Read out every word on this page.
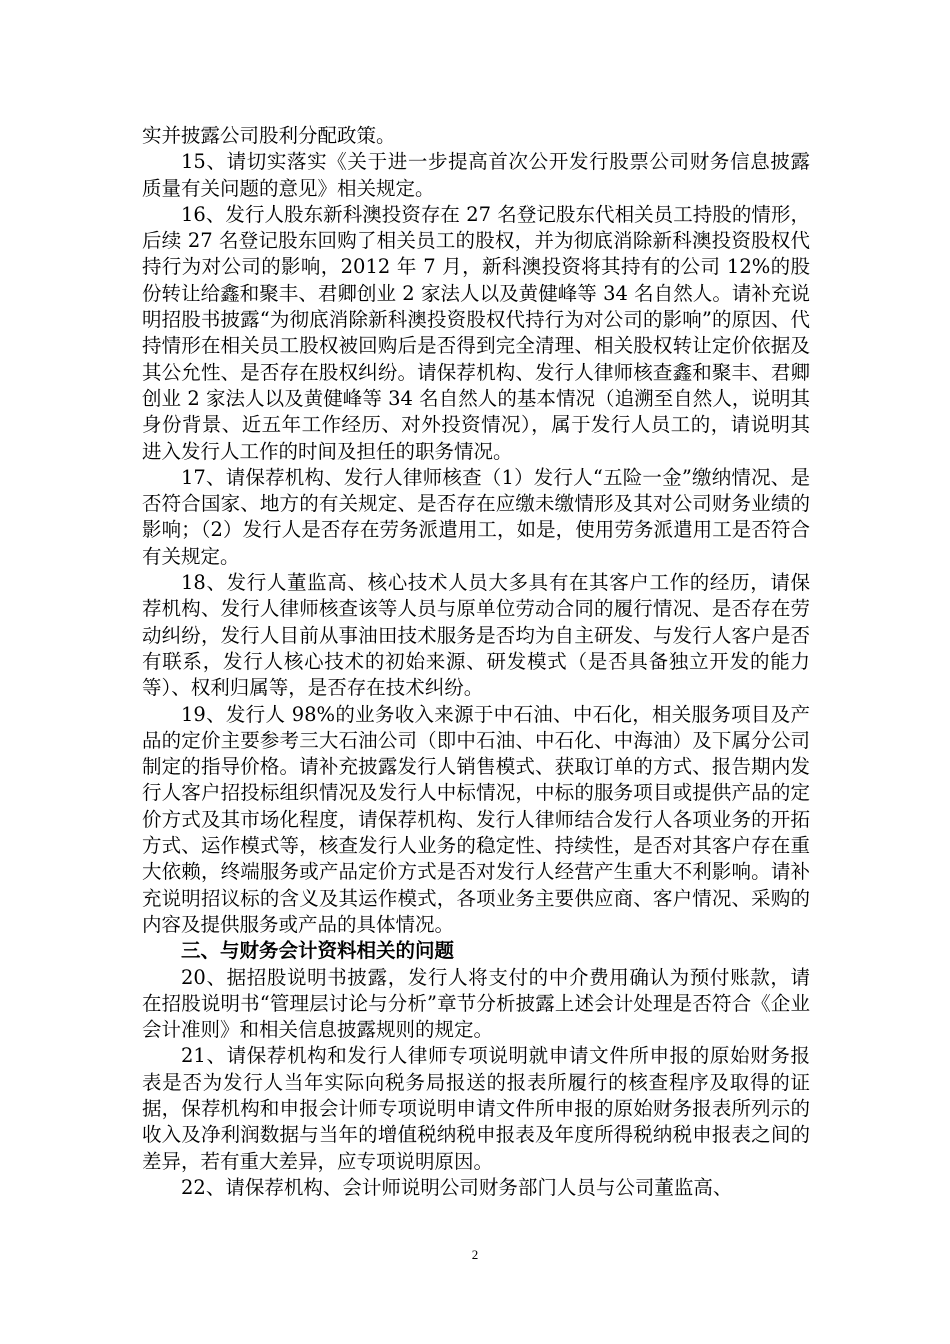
实并披露公司股利分配政策。

15、请切实落实《关于进一步提高首次公开发行股票公司财务信息披露质量有关问题的意见》相关规定。

16、发行人股东新科澳投资存在 27 名登记股东代相关员工持股的情形，后续 27 名登记股东回购了相关员工的股权，并为彻底消除新科澳投资股权代持行为对公司的影响，2012 年 7 月，新科澳投资将其持有的公司 12%的股份转让给鑫和聚丰、君卿创业 2 家法人以及黄健峰等 34 名自然人。请补充说明招股书披露“为彻底消除新科澳投资股权代持行为对公司的影响”的原因、代持情形在相关员工股权被回购后是否得到完全清理、相关股权转让定价依据及其公允性、是否存在股权纠纷。请保荐机构、发行人律师核查鑫和聚丰、君卿创业 2 家法人以及黄健峰等 34 名自然人的基本情况（追溯至自然人，说明其身份背景、近五年工作经历、对外投资情况），属于发行人员工的，请说明其进入发行人工作的时间及担任的职务情况。

17、请保荐机构、发行人律师核查（1）发行人“五险一金”缴纳情况、是否符合国家、地方的有关规定、是否存在应缴未缴情形及其对公司财务业绩的影响；（2）发行人是否存在劳务派遣用工，如是，使用劳务派遣用工是否符合有关规定。

18、发行人董监高、核心技术人员大多具有在其客户工作的经历，请保荐机构、发行人律师核查该等人员与原单位劳动合同的履行情况、是否存在劳动纠纷，发行人目前从事油田技术服务是否均为自主研发、与发行人客户是否有联系，发行人核心技术的初始来源、研发模式（是否具备独立开发的能力等）、权利归属等，是否存在技术纠纷。

19、发行人 98%的业务收入来源于中石油、中石化，相关服务项目及产品的定价主要参考三大石油公司（即中石油、中石化、中海油）及下属分公司制定的指导价格。请补充披露发行人销售模式、获取订单的方式、报告期内发行人客户招投标组织情况及发行人中标情况，中标的服务项目或提供产品的定价方式及其市场化程度，请保荐机构、发行人律师结合发行人各项业务的开拓方式、运作模式等，核查发行人业务的稳定性、持续性，是否对其客户存在重大依赖，终端服务或产品定价方式是否对发行人经营产生重大不利影响。请补充说明招议标的含义及其运作模式，各项业务主要供应商、客户情况、采购的内容及提供服务或产品的具体情况。

三、与财务会计资料相关的问题

20、据招股说明书披露，发行人将支付的中介费用确认为预付账款，请在招股说明书“管理层讨论与分析”章节分析披露上述会计处理是否符合《企业会计准则》和相关信息披露规则的规定。

21、请保荐机构和发行人律师专项说明就申请文件所申报的原始财务报表是否为发行人当年实际向税务局报送的报表所履行的核查程序及取得的证据，保荐机构和申报会计师专项说明申请文件所申报的原始财务报表所列示的收入及净利润数据与当年的增值税纳税申报表及年度所得税纳税申报表之间的差异，若有重大差异，应专项说明原因。

22、请保荐机构、会计师说明公司财务部门人员与公司董监高、

2
